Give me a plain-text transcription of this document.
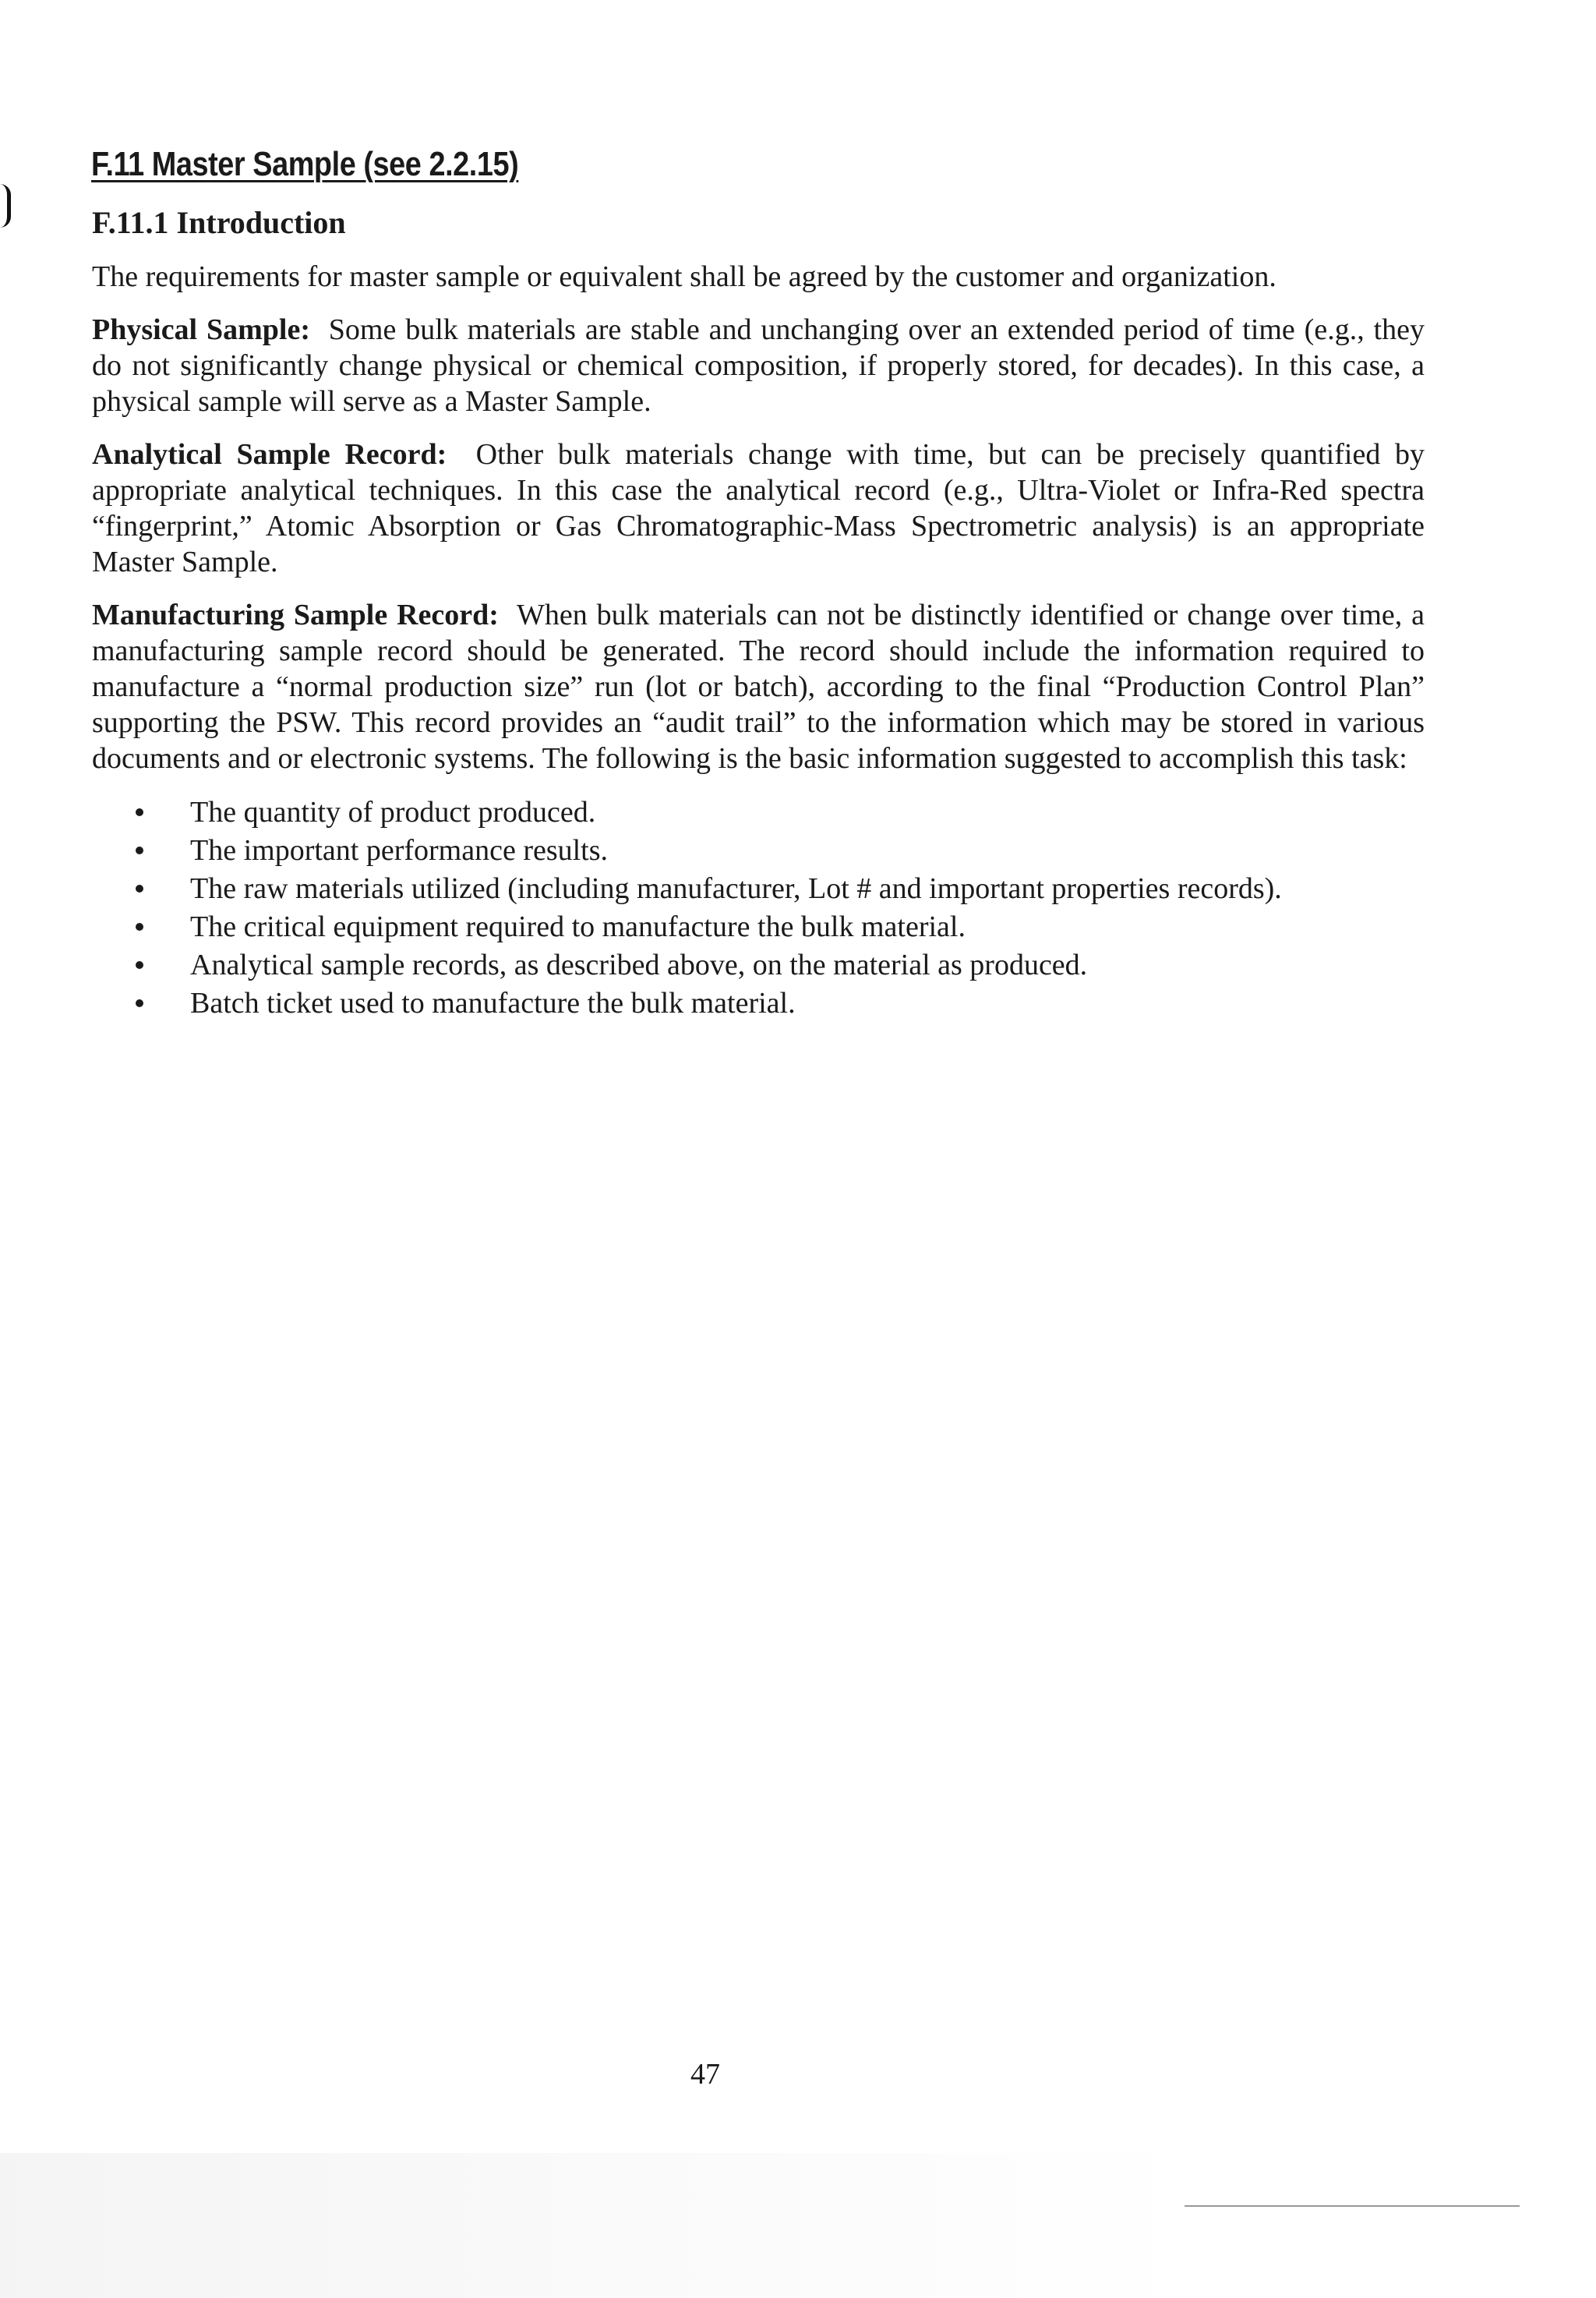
F.11 Master Sample (see 2.2.15)
F.11.1 Introduction

The requirements for master sample or equivalent shall be agreed by the customer and organization.

Physical Sample: Some bulk materials are stable and unchanging over an extended period of time (e.g., they do not significantly change physical or chemical composition, if properly stored, for decades). In this case, a physical sample will serve as a Master Sample.

Analytical Sample Record: Other bulk materials change with time, but can be precisely quantified by appropriate analytical techniques. In this case the analytical record (e.g., Ultra-Violet or Infra-Red spectra “fingerprint,” Atomic Absorption or Gas Chromatographic-Mass Spectrometric analysis) is an appropriate Master Sample.

Manufacturing Sample Record: When bulk materials can not be distinctly identified or change over time, a manufacturing sample record should be generated. The record should include the information required to manufacture a “normal production size” run (lot or batch), according to the final “Production Control Plan” supporting the PSW. This record provides an “audit trail” to the information which may be stored in various documents and or electronic systems. The following is the basic information suggested to accomplish this task:

The quantity of product produced.
The important performance results.
The raw materials utilized (including manufacturer, Lot # and important properties records).
The critical equipment required to manufacture the bulk material.
Analytical sample records, as described above, on the material as produced.
Batch ticket used to manufacture the bulk material.
47
